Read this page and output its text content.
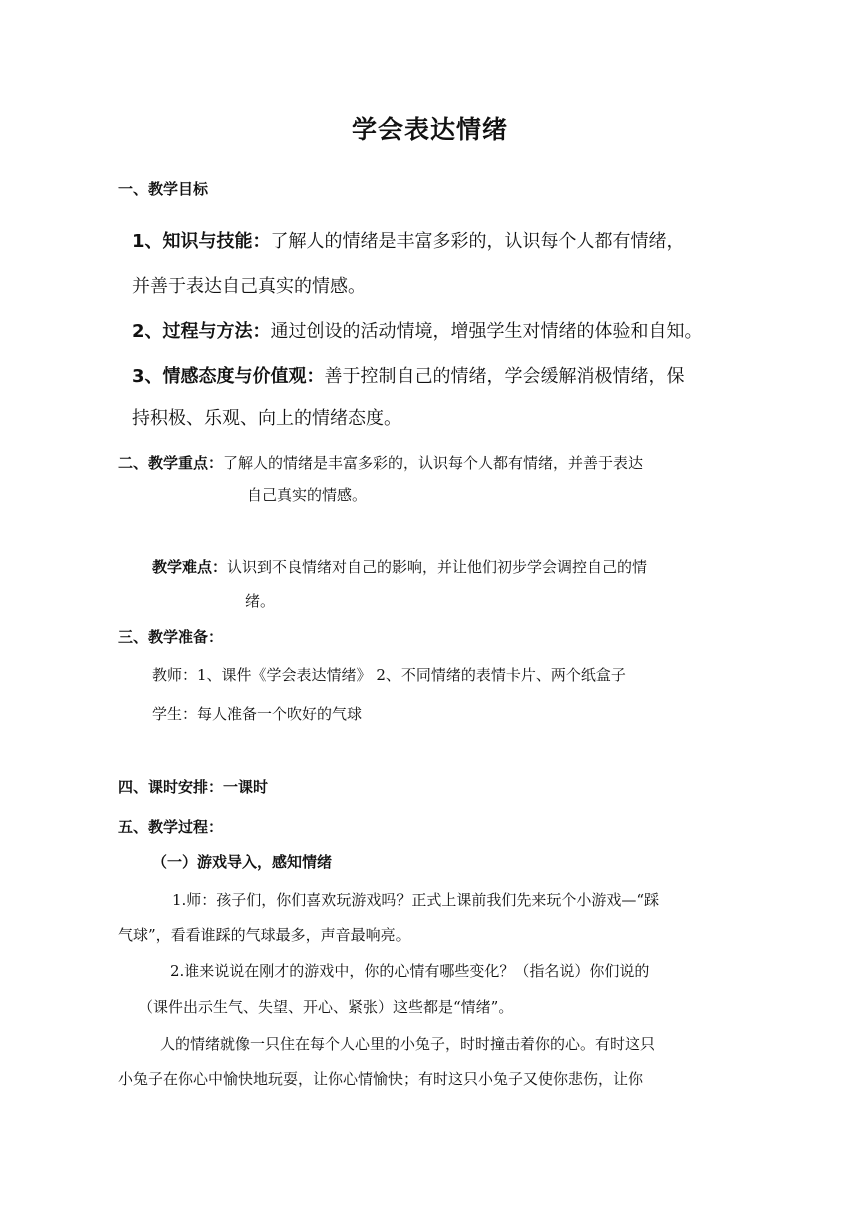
学会表达情绪
一、教学目标
1、知识与技能：了解人的情绪是丰富多彩的，认识每个人都有情绪，
并善于表达自己真实的情感。
2、过程与方法：通过创设的活动情境，增强学生对情绪的体验和自知。
3、情感态度与价值观：善于控制自己的情绪，学会缓解消极情绪，保
持积极、乐观、向上的情绪态度。
二、教学重点：了解人的情绪是丰富多彩的，认识每个人都有情绪，并善于表达
自己真实的情感。
教学难点：认识到不良情绪对自己的影响，并让他们初步学会调控自己的情
绪。
三、教学准备：
教师：1、课件《学会表达情绪》 2、不同情绪的表情卡片、两个纸盒子
学生：每人准备一个吹好的气球
四、课时安排：一课时
五、教学过程：
（一）游戏导入，感知情绪
1.师：孩子们，你们喜欢玩游戏吗？正式上课前我们先来玩个小游戏—“踩
气球”，看看谁踩的气球最多，声音最响亮。
2.谁来说说在刚才的游戏中，你的心情有哪些变化？（指名说）你们说的
（课件出示生气、失望、开心、紧张）这些都是“情绪”。
人的情绪就像一只住在每个人心里的小兔子，时时撞击着你的心。有时这只
小兔子在你心中愉快地玩耍，让你心情愉快；有时这只小兔子又使你悲伤，让你
